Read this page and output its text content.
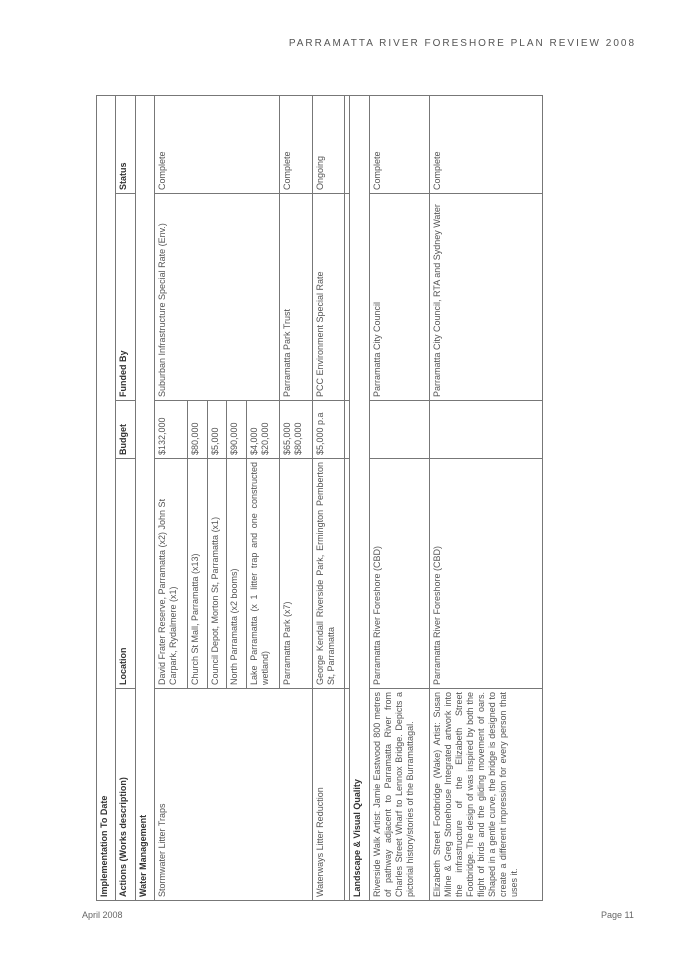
PARRAMATTA RIVER FORESHORE PLAN REVIEW 2008
Implementation To Date				
Actions (Works description)	Location	Budget	Funded By	Status
Water Management				
Stormwater Litter Traps	David Frater Reserve, Parramatta (x2) John St Carpark, Rydalmere (x1)	$132,000	Suburban Infrastructure Special Rate (Env.)	Complete
	Church St Mall, Parramatta (x13)	$80,000		
	Council Depot, Morton St, Parramatta (x1)	$5,000		
	North Parramatta (x2 booms)	$90,000		
	Lake Parramatta (x 1 litter trap and one constructed wetland)	$4,000 $20,000		
	Parramatta Park (x7)	$65,000 $80,000	Parramatta Park Trust	Complete
Waterways Litter Reduction	George Kendall Riverside Park, Ermington Pemberton St, Parramatta	$5,000 p.a	PCC Environment Special Rate	Ongoing

Landscape & Visual Quality				
Riverside Walk Artist: Jamie Eastwood 800 metres of pathway adjacent to Parramatta River from Charles Street Wharf to Lennox Bridge. Depicts a pictorial history/stories of the Burramattagal.	Parramatta River Foreshore (CBD)		Parramatta City Council	Complete
Elizabeth Street Footbridge (Wake) Artist: Susan Milne & Greg Stonehouse Integrated artwork into the infrastructure of the Elizabeth Street Footbridge. The design of was inspired by both the flight of birds and the gliding movement of oars. Shaped in a gentle curve, the bridge is designed to create a different impression for every person that uses it.	Parramatta River Foreshore (CBD)		Parramatta City Council, RTA and Sydney Water	Complete
April 2008	Page 11
